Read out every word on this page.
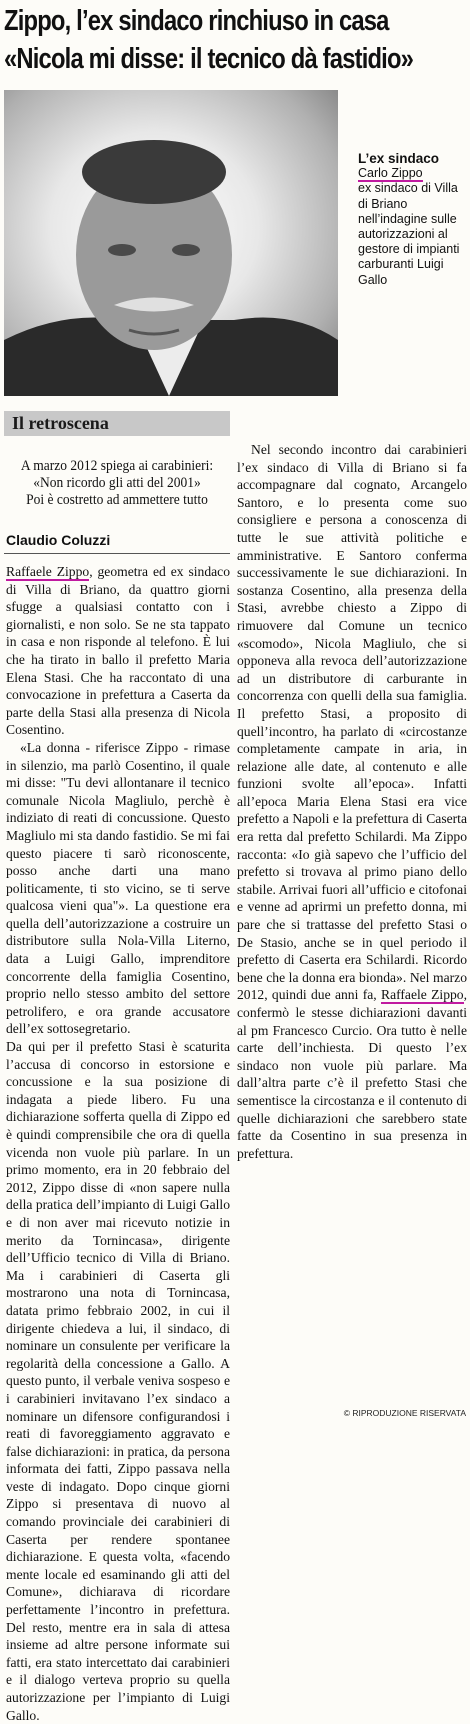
Zippo, l’ex sindaco rinchiuso in casa
«Nicola mi disse: il tecnico dà fastidio»
L’ex sindaco
Carlo Zippo
ex sindaco di Villa di Briano nell’indagine sulle autorizzazioni al gestore di impianti carburanti Luigi Gallo
Il retroscena
A marzo 2012 spiega ai carabinieri:
«Non ricordo gli atti del 2001»
Poi è costretto ad ammettere tutto
Claudio Coluzzi

Raffaele Zippo, geometra ed ex sindaco di Villa di Briano, da quattro giorni sfugge a qualsiasi contatto con i giornalisti, e non solo. Se ne sta tappato in casa e non risponde al telefono. È lui che ha tirato in ballo il prefetto Maria Elena Stasi. Che ha raccontato di una convocazione in prefettura a Caserta da parte della Stasi alla presenza di Nicola Cosentino.

«La donna - riferisce Zippo - rimase in silenzio, ma parlò Cosentino, il quale mi disse: "Tu devi allontanare il tecnico comunale Nicola Magliulo, perchè è indiziato di reati di concussione. Questo Magliulo mi sta dando fastidio. Se mi fai questo piacere ti sarò riconoscente, posso anche darti una mano politicamente, ti sto vicino, se ti serve qualcosa vieni qua"». La questione era quella dell’autorizzazione a costruire un distributore sulla Nola-Villa Literno, data a Luigi Gallo, imprenditore concorrente della famiglia Cosentino, proprio nello stesso ambito del settore petrolifero, e ora grande accusatore dell’ex sottosegretario.

Da qui per il prefetto Stasi è scaturita l’accusa di concorso in estorsione e concussione e la sua posizione di indagata a piede libero. Fu una dichiarazione sofferta quella di Zippo ed è quindi comprensibile che ora di quella vicenda non vuole più parlare. In un primo momento, era in 20 febbraio del 2012, Zippo disse di «non sapere nulla della pratica dell’impianto di Luigi Gallo e di non aver mai ricevuto notizie in merito da Tornincasa», dirigente dell’Ufficio tecnico di Villa di Briano. Ma i carabinieri di Caserta gli mostrarono una nota di Tornincasa, datata primo febbraio 2002, in cui il dirigente chiedeva a lui, il sindaco, di nominare un consulente per verificare la regolarità della concessione a Gallo. A questo punto, il verbale veniva sospeso e i carabinieri invitavano l’ex sindaco a nominare un difensore configurandosi i reati di favoreggiamento aggravato e false dichiarazioni: in pratica, da persona informata dei fatti, Zippo passava nella veste di indagato. Dopo cinque giorni Zippo si presentava di nuovo al comando provinciale dei carabinieri di Caserta per rendere spontanee dichiarazione. E questa volta, «facendo mente locale ed esaminando gli atti del Comune», dichiarava di ricordare perfettamente l’incontro in prefettura. Del resto, mentre era in sala di attesa insieme ad altre persone informate sui fatti, era stato intercettato dai carabinieri e il dialogo verteva proprio su quella autorizzazione per l’impianto di Luigi Gallo.

Nel secondo incontro dai carabinieri l’ex sindaco di Villa di Briano si fa accompagnare dal cognato, Arcangelo Santoro, e lo presenta come suo consigliere e persona a conoscenza di tutte le sue attività politiche e amministrative. E Santoro conferma successivamente le sue dichiarazioni. In sostanza Cosentino, alla presenza della Stasi, avrebbe chiesto a Zippo di rimuovere dal Comune un tecnico «scomodo», Nicola Magliulo, che si opponeva alla revoca dell’autorizzazione ad un distributore di carburante in concorrenza con quelli della sua famiglia. Il prefetto Stasi, a proposito di quell’incontro, ha parlato di «circostanze completamente campate in aria, in relazione alle date, al contenuto e alle funzioni svolte all’epoca». Infatti all’epoca Maria Elena Stasi era vice prefetto a Napoli e la prefettura di Caserta era retta dal prefetto Schilardi. Ma Zippo racconta: «Io già sapevo che l’ufficio del prefetto si trovava al primo piano dello stabile. Arrivai fuori all’ufficio e citofonai e venne ad aprirmi un prefetto donna, mi pare che si trattasse del prefetto Stasi o De Stasio, anche se in quel periodo il prefetto di Caserta era Schilardi. Ricordo bene che la donna era bionda». Nel marzo 2012, quindi due anni fa, Raffaele Zippo, confermò le stesse dichiarazioni davanti al pm Francesco Curcio. Ora tutto è nelle carte dell’inchiesta. Di questo l’ex sindaco non vuole più parlare. Ma dall’altra parte c’è il prefetto Stasi che sementisce la circostanza e il contenuto di quelle dichiarazioni che sarebbero state fatte da Cosentino in sua presenza in prefettura.

© RIPRODUZIONE RISERVATA
